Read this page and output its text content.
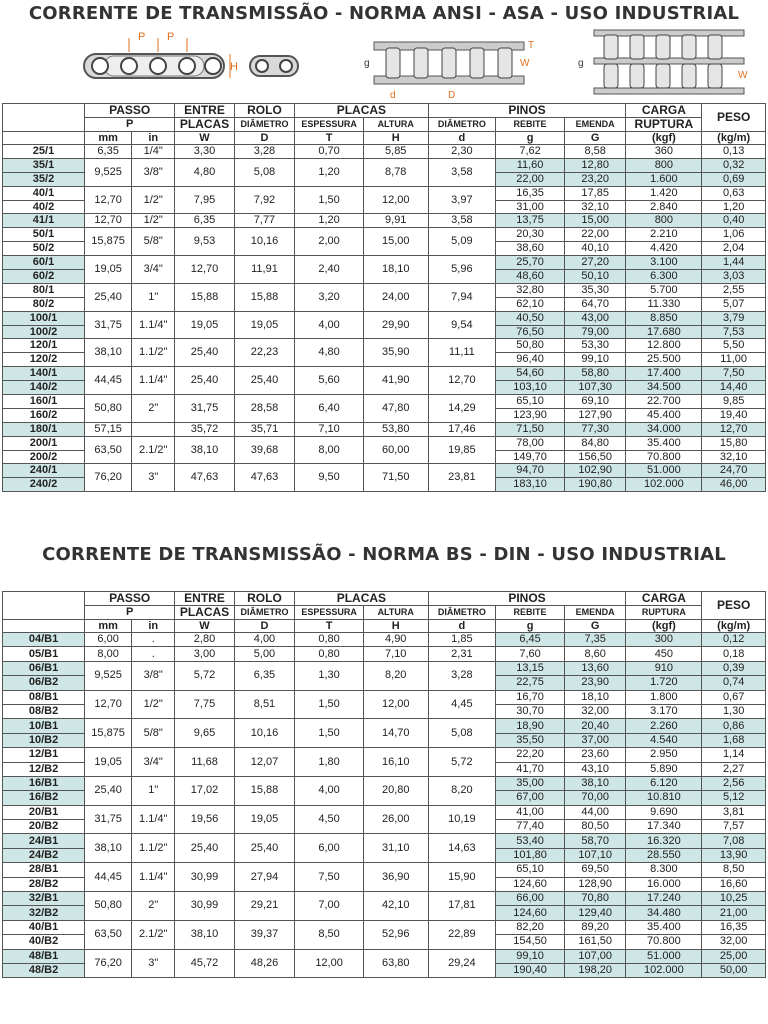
CORRENTE DE TRANSMISSÃO - NORMA ANSI - ASA - USO INDUSTRIAL
P P
H	g
T
W
D
d
g
W
	PASSO		ENTRE	ROLO	PLACAS		PINOS			CARGA	PESO
	P		PLACAS	DIÂMETRO	ESPESSURA	ALTURA	DIÂMETRO	REBITE	EMENDA	RUPTURA	
	mm	in	W	D	T	H	d	g	G	(kgf)	(kg/m)
25/1	6,35	1/4"	3,30	3,28	0,70	5,85	2,30	7,62	8,58	360	0,13
35/1	9,525	3/8"	4,80	5,08	1,20	8,78	3,58	11,60	12,80	800	0,32
35/2								22,00	23,20	1.600	0,69
40/1	12,70	1/2"	7,95	7,92	1,50	12,00	3,97	16,35	17,85	1.420	0,63
40/2								31,00	32,10	2.840	1,20
41/1	12,70	1/2"	6,35	7,77	1,20	9,91	3,58	13,75	15,00	800	0,40
50/1	15,875	5/8"	9,53	10,16	2,00	15,00	5,09	20,30	22,00	2.210	1,06
50/2								38,60	40,10	4.420	2,04
60/1	19,05	3/4"	12,70	11,91	2,40	18,10	5,96	25,70	27,20	3.100	1,44
60/2								48,60	50,10	6.300	3,03
80/1	25,40	1"	15,88	15,88	3,20	24,00	7,94	32,80	35,30	5.700	2,55
80/2								62,10	64,70	11.330	5,07
100/1	31,75	1.1/4"	19,05	19,05	4,00	29,90	9,54	40,50	43,00	8.850	3,79
100/2								76,50	79,00	17.680	7,53
120/1	38,10	1.1/2"	25,40	22,23	4,80	35,90	11,11	50,80	53,30	12.800	5,50
120/2								96,40	99,10	25.500	11,00
140/1	44,45	1.1/4"	25,40	25,40	5,60	41,90	12,70	54,60	58,80	17.400	7,50
140/2								103,10	107,30	34.500	14,40
160/1	50,80	2"	31,75	28,58	6,40	47,80	14,29	65,10	69,10	22.700	9,85
160/2								123,90	127,90	45.400	19,40
180/1	57,15		35,72	35,71	7,10	53,80	17,46	71,50	77,30	34.000	12,70
200/1	63,50	2.1/2"	38,10	39,68	8,00	60,00	19,85	78,00	84,80	35.400	15,80
200/2								149,70	156,50	70.800	32,10
240/1	76,20	3"	47,63	47,63	9,50	71,50	23,81	94,70	102,90	51.000	24,70
240/2								183,10	190,80	102.000	46,00
CORRENTE DE TRANSMISSÃO - NORMA BS - DIN - USO INDUSTRIAL
	PASSO		ENTRE	ROLO	PLACAS		PINOS			CARGA	PESO
	P		PLACAS	DIÂMETRO	ESPESSURA	ALTURA	DIÂMETRO	REBITE	EMENDA	RUPTURA	
	mm	in	W	D	T	H	d	g	G	(kgf)	(kg/m)
04/B1	6,00	.	2,80	4,00	0,80	4,90	1,85	6,45	7,35	300	0,12
05/B1	8,00	.	3,00	5,00	0,80	7,10	2,31	7,60	8,60	450	0,18
06/B1	9,525	3/8"	5,72	6,35	1,30	8,20	3,28	13,15	13,60	910	0,39
06/B2								22,75	23,90	1.720	0,74
08/B1	12,70	1/2"	7,75	8,51	1,50	12,00	4,45	16,70	18,10	1.800	0,67
08/B2								30,70	32,00	3.170	1,30
10/B1	15,875	5/8"	9,65	10,16	1,50	14,70	5,08	18,90	20,40	2.260	0,86
10/B2								35,50	37,00	4.540	1,68
12/B1	19,05	3/4"	11,68	12,07	1,80	16,10	5,72	22,20	23,60	2.950	1,14
12/B2								41,70	43,10	5.890	2,27
16/B1	25,40	1"	17,02	15,88	4,00	20,80	8,20	35,00	38,10	6.120	2,56
16/B2								67,00	70,00	10.810	5,12
20/B1	31,75	1.1/4"	19,56	19,05	4,50	26,00	10,19	41,00	44,00	9.690	3,81
20/B2								77,40	80,50	17.340	7,57
24/B1	38,10	1.1/2"	25,40	25,40	6,00	31,10	14,63	53,40	58,70	16.320	7,08
24/B2								101,80	107,10	28.550	13,90
28/B1	44,45	1.1/4"	30,99	27,94	7,50	36,90	15,90	65,10	69,50	8.300	8,50
28/B2								124,60	128,90	16.000	16,60
32/B1	50,80	2"	30,99	29,21	7,00	42,10	17,81	66,00	70,80	17.240	10,25
32/B2								124,60	129,40	34.480	21,00
40/B1	63,50	2.1/2"	38,10	39,37	8,50	52,96	22,89	82,20	89,20	35.400	16,35
40/B2								154,50	161,50	70.800	32,00
48/B1	76,20	3"	45,72	48,26	12,00	63,80	29,24	99,10	107,00	51.000	25,00
48/B2								190,40	198,20	102.000	50,00
